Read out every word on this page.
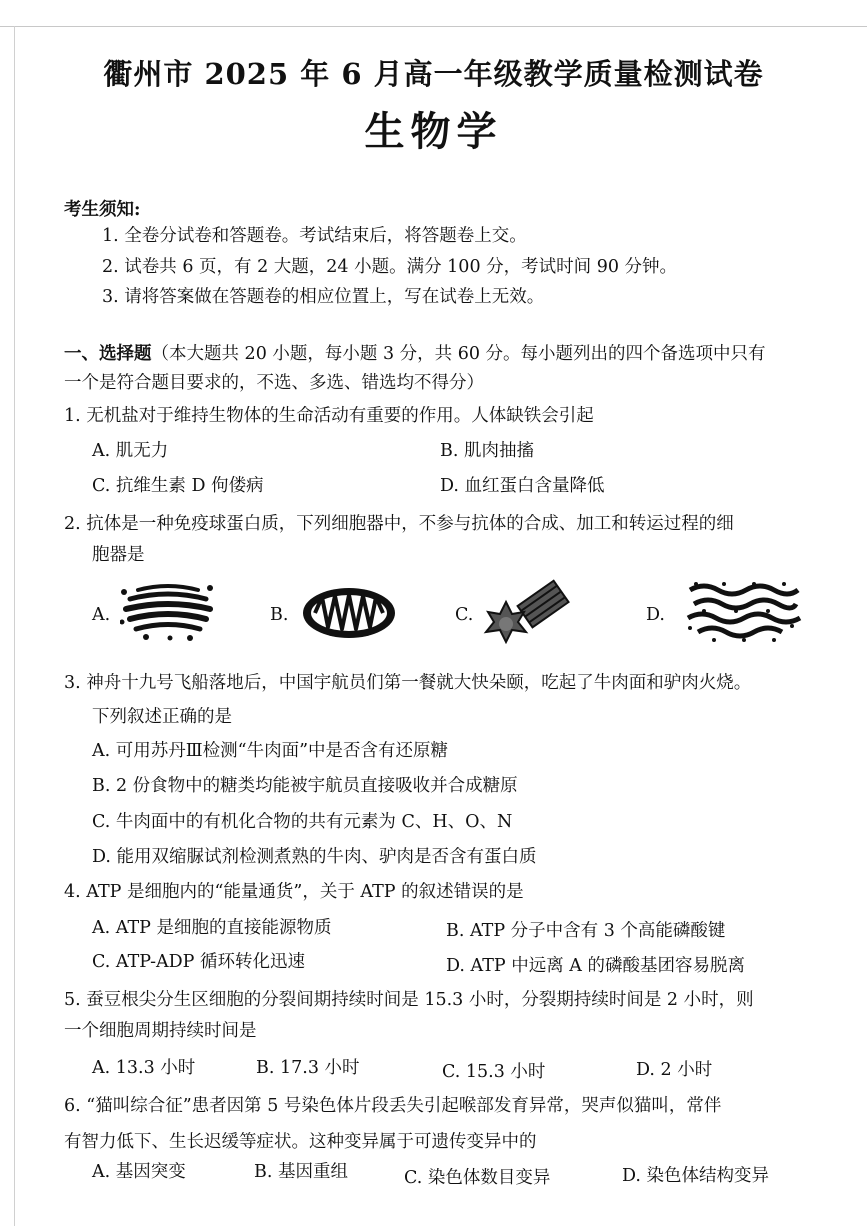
衢州市 2025 年 6 月高一年级教学质量检测试卷
生物学
考生须知:
1. 全卷分试卷和答题卷。考试结束后，将答题卷上交。
2. 试卷共 6 页，有 2 大题，24 小题。满分 100 分，考试时间 90 分钟。
3. 请将答案做在答题卷的相应位置上，写在试卷上无效。
一、选择题（本大题共 20 小题，每小题 3 分，共 60 分。每小题列出的四个备选项中只有
一个是符合题目要求的，不选、多选、错选均不得分）
1. 无机盐对于维持生物体的生命活动有重要的作用。人体缺铁会引起
A. 肌无力	B. 肌肉抽搐
C. 抗维生素 D 佝偻病	D. 血红蛋白含量降低
2. 抗体是一种免疫球蛋白质，下列细胞器中，不参与抗体的合成、加工和转运过程的细
胞器是
A.	B.	C.	D.
3. 神舟十九号飞船落地后，中国宇航员们第一餐就大快朵颐，吃起了牛肉面和驴肉火烧。
下列叙述正确的是
A. 可用苏丹Ⅲ检测“牛肉面”中是否含有还原糖
B. 2 份食物中的糖类均能被宇航员直接吸收并合成糖原
C. 牛肉面中的有机化合物的共有元素为 C、H、O、N
D. 能用双缩脲试剂检测煮熟的牛肉、驴肉是否含有蛋白质
4. ATP 是细胞内的“能量通货”，关于 ATP 的叙述错误的是
A. ATP 是细胞的直接能源物质	B. ATP 分子中含有 3 个高能磷酸键
C. ATP-ADP 循环转化迅速	D. ATP 中远离 A 的磷酸基团容易脱离
5. 蚕豆根尖分生区细胞的分裂间期持续时间是 15.3 小时，分裂期持续时间是 2 小时，则
一个细胞周期持续时间是
A. 13.3 小时	B. 17.3 小时	C. 15.3 小时	D. 2 小时
6. “猫叫综合征”患者因第 5 号染色体片段丢失引起喉部发育异常，哭声似猫叫，常伴
有智力低下、生长迟缓等症状。这种变异属于可遗传变异中的
A. 基因突变	B. 基因重组	C. 染色体数目变异	D. 染色体结构变异
